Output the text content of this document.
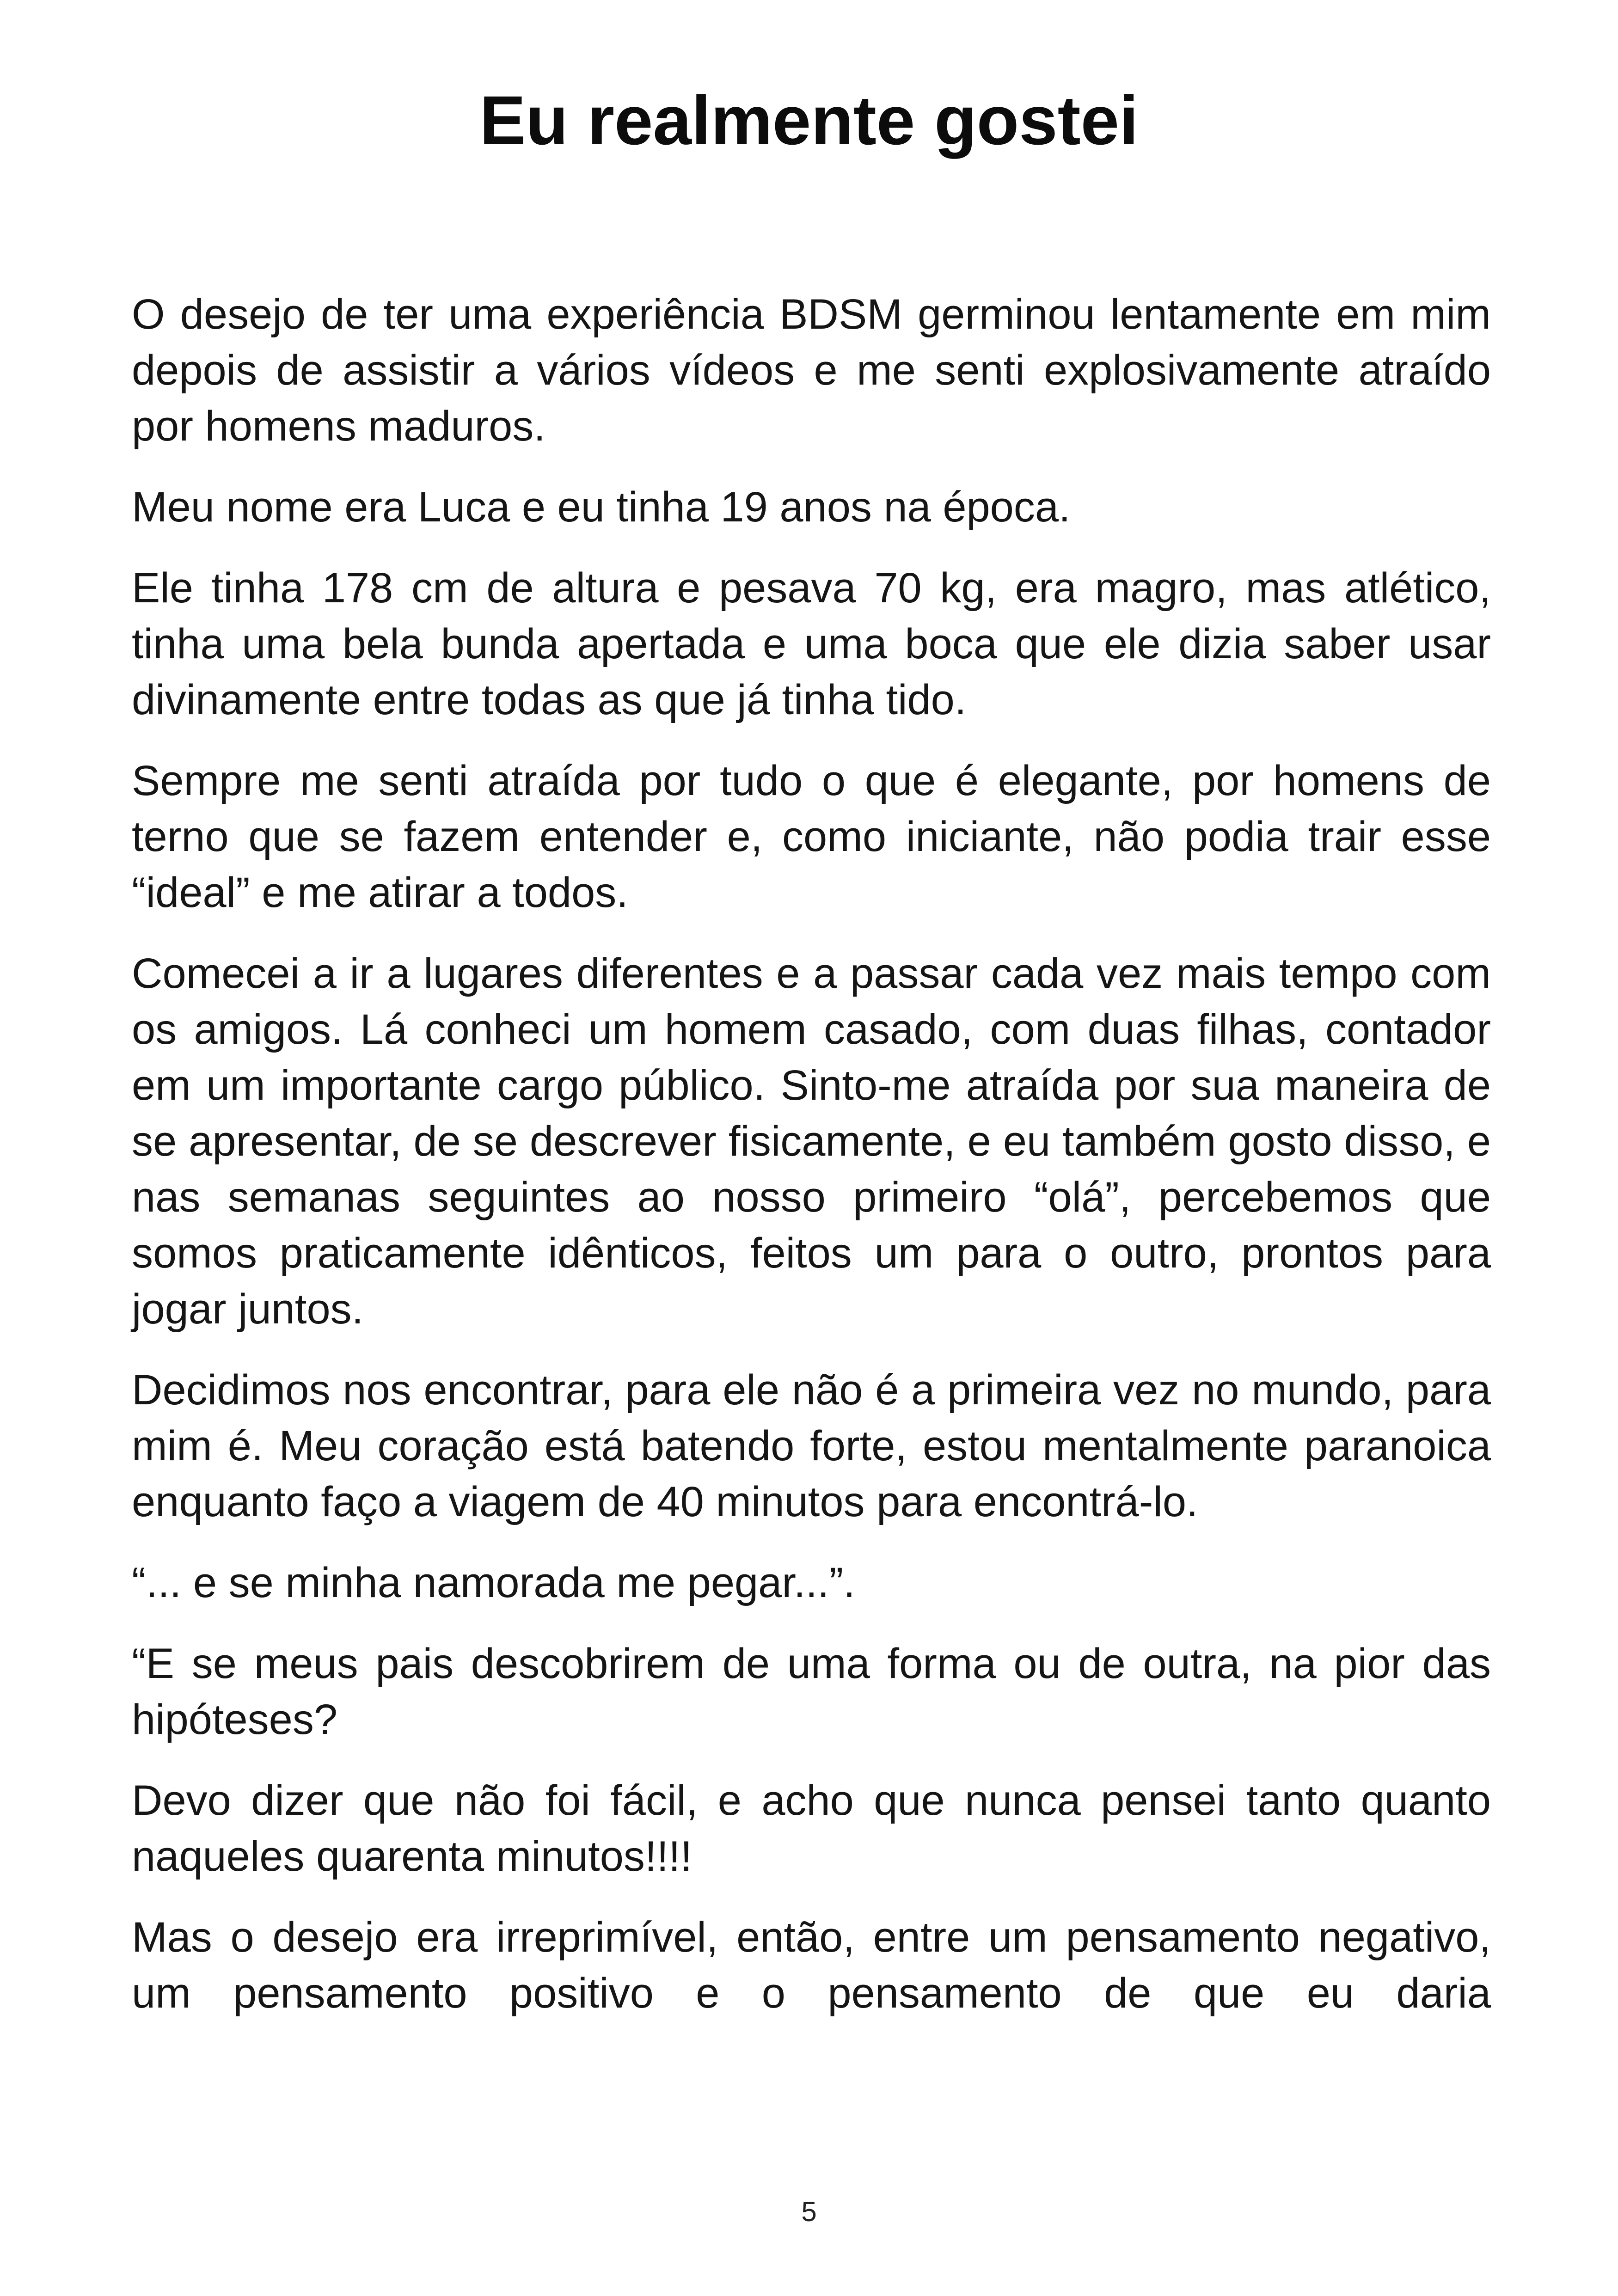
Eu realmente gostei

O desejo de ter uma experiência BDSM germinou lentamente em mim depois de assistir a vários vídeos e me senti explosivamente atraído por homens maduros.

Meu nome era Luca e eu tinha 19 anos na época.

Ele tinha 178 cm de altura e pesava 70 kg, era magro, mas atlético, tinha uma bela bunda apertada e uma boca que ele dizia saber usar divinamente entre todas as que já tinha tido.

Sempre me senti atraída por tudo o que é elegante, por homens de terno que se fazem entender e, como iniciante, não podia trair esse “ideal” e me atirar a todos.

Comecei a ir a lugares diferentes e a passar cada vez mais tempo com os amigos. Lá conheci um homem casado, com duas filhas, contador em um importante cargo público. Sinto-me atraída por sua maneira de se apresentar, de se descrever fisicamente, e eu também gosto disso, e nas semanas seguintes ao nosso primeiro “olá”, percebemos que somos praticamente idênticos, feitos um para o outro, prontos para jogar juntos.

Decidimos nos encontrar, para ele não é a primeira vez no mundo, para mim é. Meu coração está batendo forte, estou mentalmente paranoica enquanto faço a viagem de 40 minutos para encontrá-lo.

“... e se minha namorada me pegar...”.

“E se meus pais descobrirem de uma forma ou de outra, na pior das hipóteses?

Devo dizer que não foi fácil, e acho que nunca pensei tanto quanto naqueles quarenta minutos!!!!

Mas o desejo era irreprimível, então, entre um pensamento negativo, um pensamento positivo e o pensamento de que eu daria

5
